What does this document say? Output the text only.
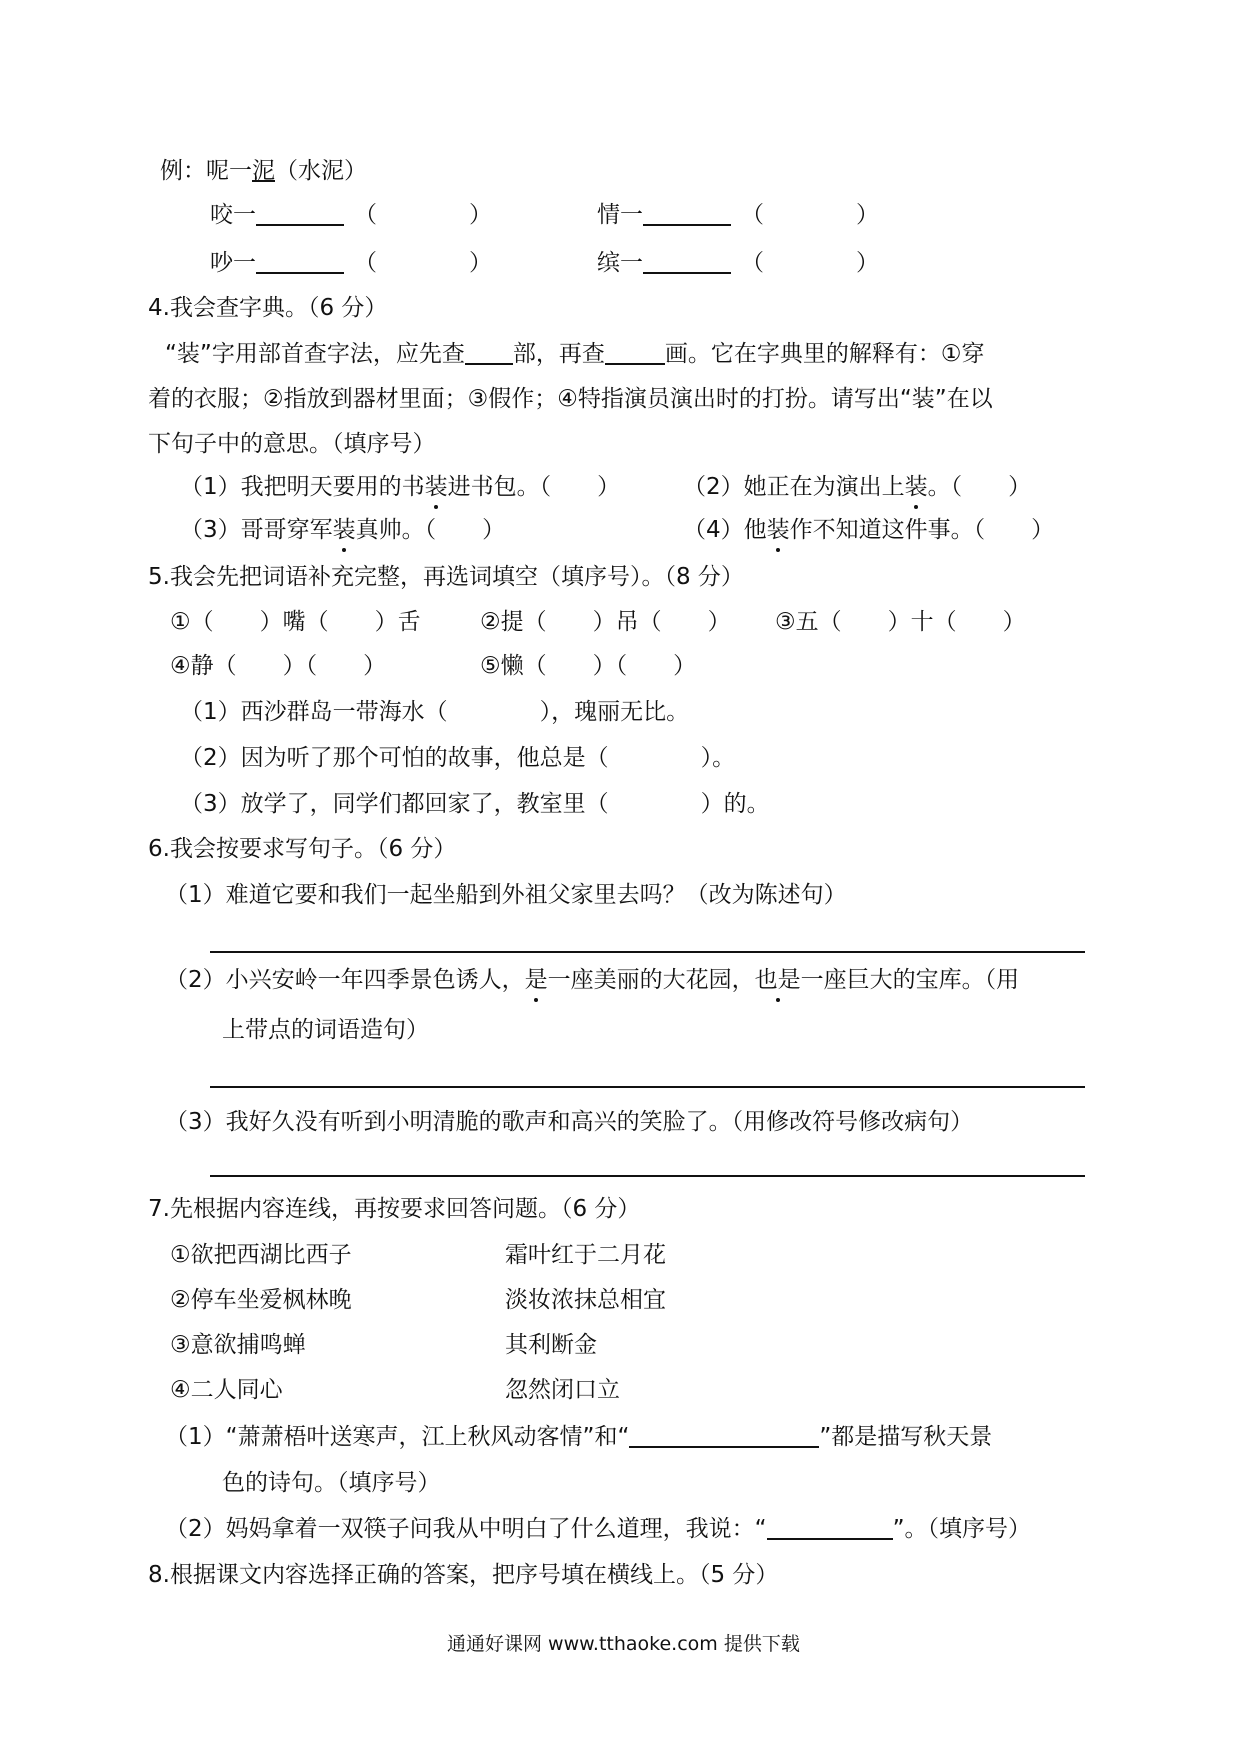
例：呢一泥（水泥）
咬一	（　　　　）	情一	（　　　　）
吵一	（　　　　）	缤一	（　　　　）
4.我会查字典。（6 分）
“装”字用部首查字法，应先查 部，再查	画。它在字典里的解释有：①穿
着的衣服；②指放到器材里面；③假作；④特指演员演出时的打扮。请写出“装”在以
下句子中的意思。（填序号）
（1）我把明天要用的书装进书包。（　　）	（2）她正在为演出上装。（　　）
（3）哥哥穿军装真帅。（　　）	（4）他装作不知道这件事。（　　）
5.我会先把词语补充完整，再选词填空（填序号）。（8 分）
①（　　）嘴（　　）舌	②提（　　）吊（　　） ③五（　　）十（　　）
④静（　　）（　　）	⑤懒（　　）（　　）
（1）西沙群岛一带海水（　　　　），瑰丽无比。
（2）因为听了那个可怕的故事，他总是（　　　　）。
（3）放学了，同学们都回家了，教室里（　　　　）的。
6.我会按要求写句子。（6 分）
（1）难道它要和我们一起坐船到外祖父家里去吗？（改为陈述句）
（2）小兴安岭一年四季景色诱人，是一座美丽的大花园，也是一座巨大的宝库。（用
上带点的词语造句）
（3）我好久没有听到小明清脆的歌声和高兴的笑脸了。（用修改符号修改病句）
7.先根据内容连线，再按要求回答问题。（6 分）
①欲把西湖比西子	霜叶红于二月花
②停车坐爱枫林晚	淡妆浓抹总相宜
③意欲捕鸣蝉	其利断金
④二人同心	忽然闭口立
（1）“萧萧梧叶送寒声，江上秋风动客情”和“	”都是描写秋天景
色的诗句。（填序号）
（2）妈妈拿着一双筷子问我从中明白了什么道理，我说：“	”。（填序号）
8.根据课文内容选择正确的答案，把序号填在横线上。（5 分）
通通好课网 www.tthaoke.com 提供下载
